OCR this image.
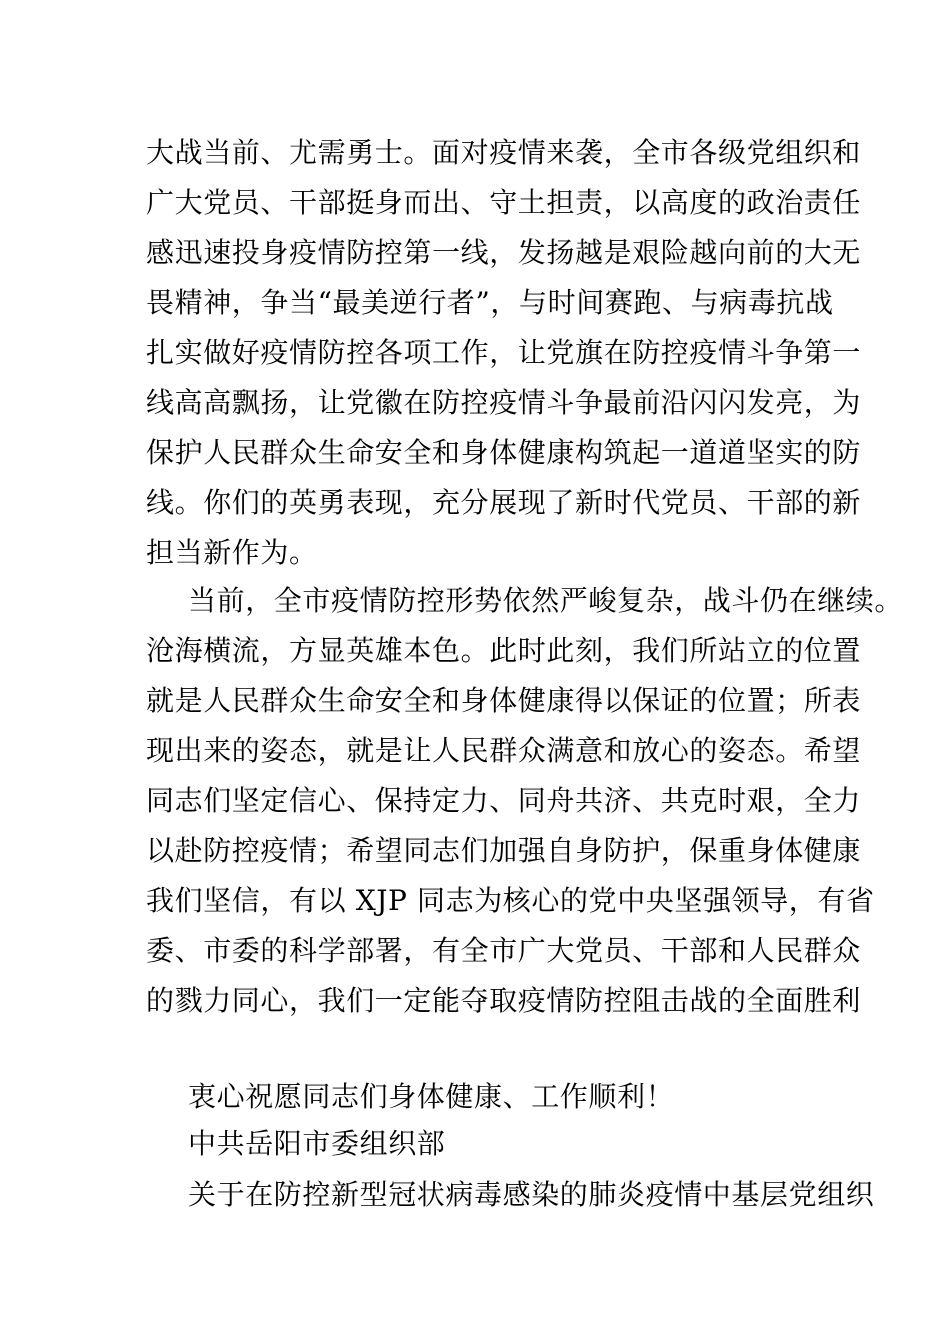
大战当前、尤需勇士。面对疫情来袭，全市各级党组织和
广大党员、干部挺身而出、守土担责，以高度的政治责任
感迅速投身疫情防控第一线，发扬越是艰险越向前的大无
畏精神，争当“最美逆行者”，与时间赛跑、与病毒抗战
扎实做好疫情防控各项工作，让党旗在防控疫情斗争第一
线高高飘扬，让党徽在防控疫情斗争最前沿闪闪发亮，为
保护人民群众生命安全和身体健康构筑起一道道坚实的防
线。你们的英勇表现，充分展现了新时代党员、干部的新
担当新作为。
当前，全市疫情防控形势依然严峻复杂，战斗仍在继续。
沧海横流，方显英雄本色。此时此刻，我们所站立的位置
就是人民群众生命安全和身体健康得以保证的位置；所表
现出来的姿态，就是让人民群众满意和放心的姿态。希望
同志们坚定信心、保持定力、同舟共济、共克时艰，全力
以赴防控疫情；希望同志们加强自身防护，保重身体健康
我们坚信，有以 XJP 同志为核心的党中央坚强领导，有省
委、市委的科学部署，有全市广大党员、干部和人民群众
的戮力同心，我们一定能夺取疫情防控阻击战的全面胜利

衷心祝愿同志们身体健康、工作顺利！

中共岳阳市委组织部

关于在防控新型冠状病毒感染的肺炎疫情中基层党组织
